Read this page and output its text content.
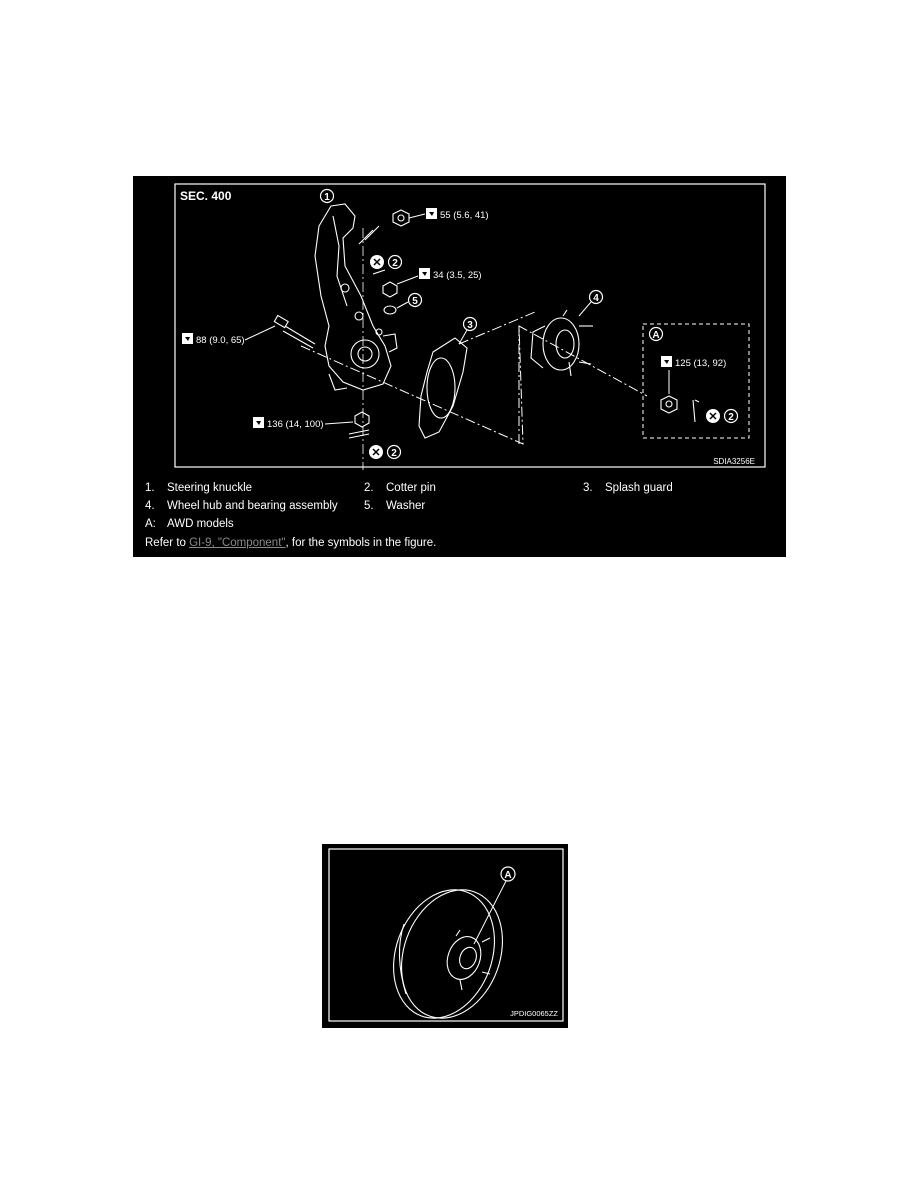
SEC. 400	1
✕ 2
✕ 2
✕ 2
3
4
5
A
55 (5.6, 41)
34 (3.5, 25)
88 (9.0, 65)
136 (14, 100)
125 (13, 92)
SDIA3256E
1. Steering knuckle	2. Cotter pin	3. Splash guard
4. Wheel hub and bearing assembly 5. Washer
A: AWD models
Refer to GI-9, "Component", for the symbols in the figure.
A
JPDIG0065ZZ
